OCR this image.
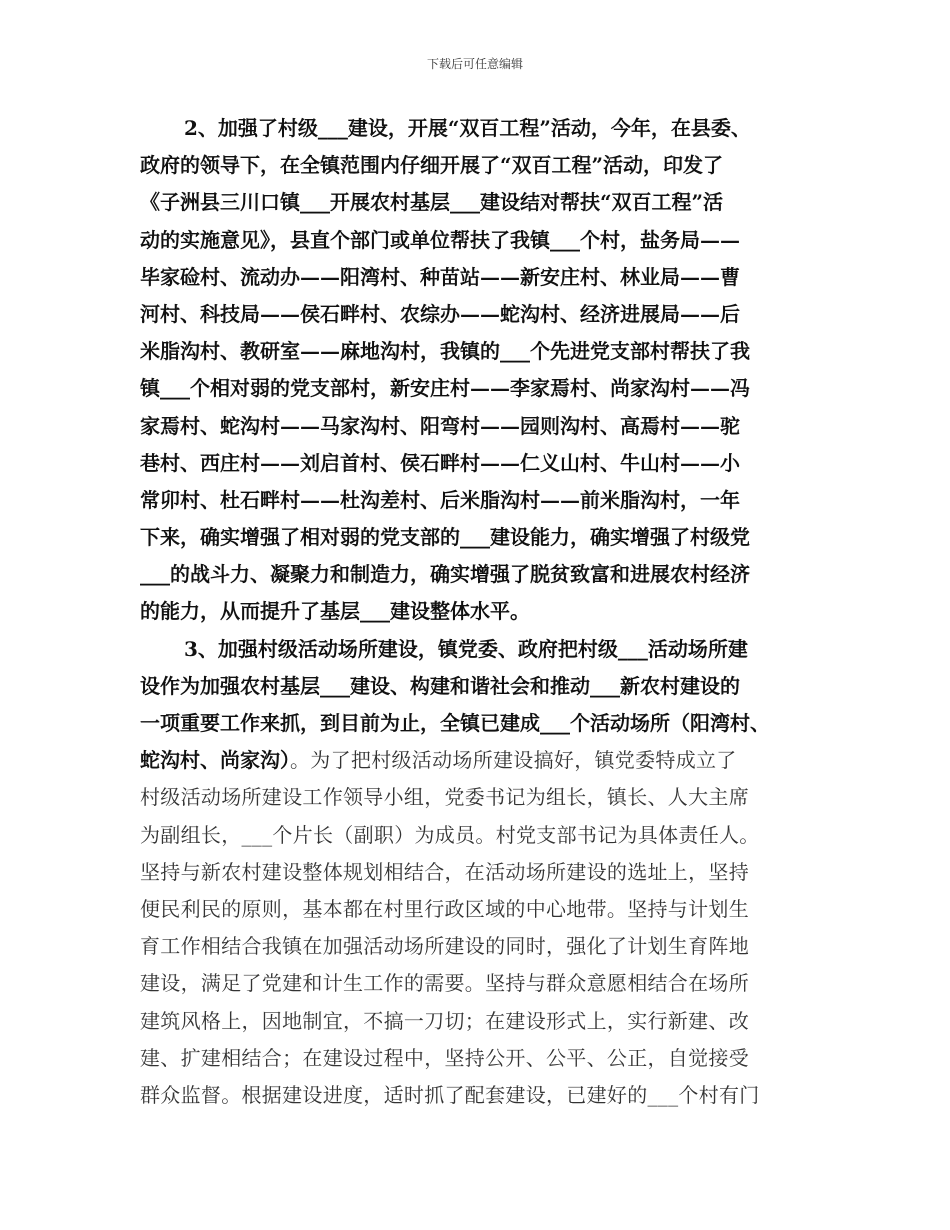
下载后可任意编辑
2、加强了村级___建设，开展“双百工程”活动，今年，在县委、
政府的领导下，在全镇范围内仔细开展了“双百工程”活动，印发了
《子洲县三川口镇___开展农村基层___建设结对帮扶“双百工程”活
动的实施意见》，县直个部门或单位帮扶了我镇___个村，盐务局——
毕家硷村、流动办——阳湾村、种苗站——新安庄村、林业局——曹
河村、科技局——侯石畔村、农综办——蛇沟村、经济进展局——后
米脂沟村、教研室——麻地沟村，我镇的___个先进党支部村帮扶了我
镇___个相对弱的党支部村，新安庄村——李家焉村、尚家沟村——冯
家焉村、蛇沟村——马家沟村、阳弯村——园则沟村、高焉村——驼
巷村、西庄村——刘启首村、侯石畔村——仁义山村、牛山村——小
常卯村、杜石畔村——杜沟差村、后米脂沟村——前米脂沟村，一年
下来，确实增强了相对弱的党支部的___建设能力，确实增强了村级党
___的战斗力、凝聚力和制造力，确实增强了脱贫致富和进展农村经济
的能力，从而提升了基层___建设整体水平。
3、加强村级活动场所建设，镇党委、政府把村级___活动场所建
设作为加强农村基层___建设、构建和谐社会和推动___新农村建设的
一项重要工作来抓，到目前为止，全镇已建成___个活动场所（阳湾村、
蛇沟村、尚家沟）。为了把村级活动场所建设搞好，镇党委特成立了
村级活动场所建设工作领导小组，党委书记为组长，镇长、人大主席
为副组长，___个片长（副职）为成员。村党支部书记为具体责任人。
坚持与新农村建设整体规划相结合，在活动场所建设的选址上，坚持
便民利民的原则，基本都在村里行政区域的中心地带。坚持与计划生
育工作相结合我镇在加强活动场所建设的同时，强化了计划生育阵地
建设，满足了党建和计生工作的需要。坚持与群众意愿相结合在场所
建筑风格上，因地制宜，不搞一刀切；在建设形式上，实行新建、改
建、扩建相结合；在建设过程中，坚持公开、公平、公正，自觉接受
群众监督。根据建设进度，适时抓了配套建设，已建好的___个村有门
